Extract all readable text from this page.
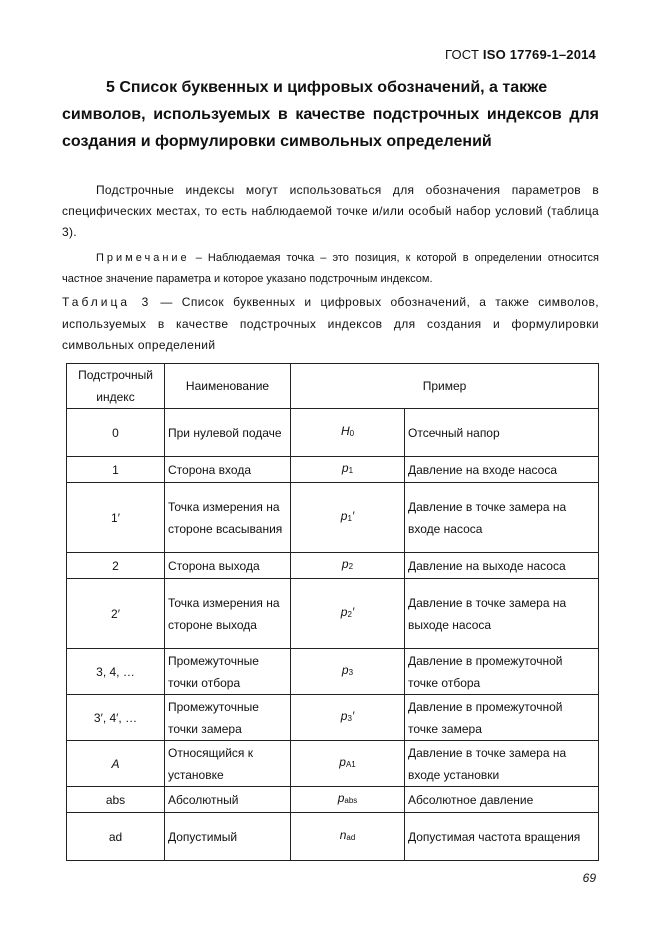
ГОСТ ISO 17769-1–2014
5 Список буквенных и цифровых обозначений, а также
символов, используемых в качестве подстрочных индексов для создания и формулировки символьных определений
Подстрочные индексы могут использоваться для обозначения параметров в специфических местах, то есть наблюдаемой точке и/или особый набор условий (таблица 3).
Примечание – Наблюдаемая точка – это позиция, к которой в определении относится частное значение параметра и которое указано подстрочным индексом.
Таблица 3 — Список буквенных и цифровых обозначений, а также символов, используемых в качестве подстрочных индексов для создания и формулировки символьных определений
Подстрочный индекс	Наименование	Пример	

0	При нулевой подаче	H0	Отсечный напор
1	Сторона входа	p1	Давление на входе насоса
1′	Точка измерения на стороне всасывания	p1′	Давление в точке замера на входе насоса
2	Сторона выхода	p2	Давление на выходе насоса
2′	Точка измерения на стороне выхода	p2′	Давление в точке замера на выходе насоса
3, 4, …	Промежуточные точки отбора	p3	Давление в промежуточной точке отбора
3′, 4′, …	Промежуточные точки замера	p3′	Давление в промежуточной точке замера
A	Относящийся к установке	pA1	Давление в точке замера на входе установки
abs	Абсолютный	pabs	Абсолютное давление
ad	Допустимый	nad	Допустимая частота вращения
69
